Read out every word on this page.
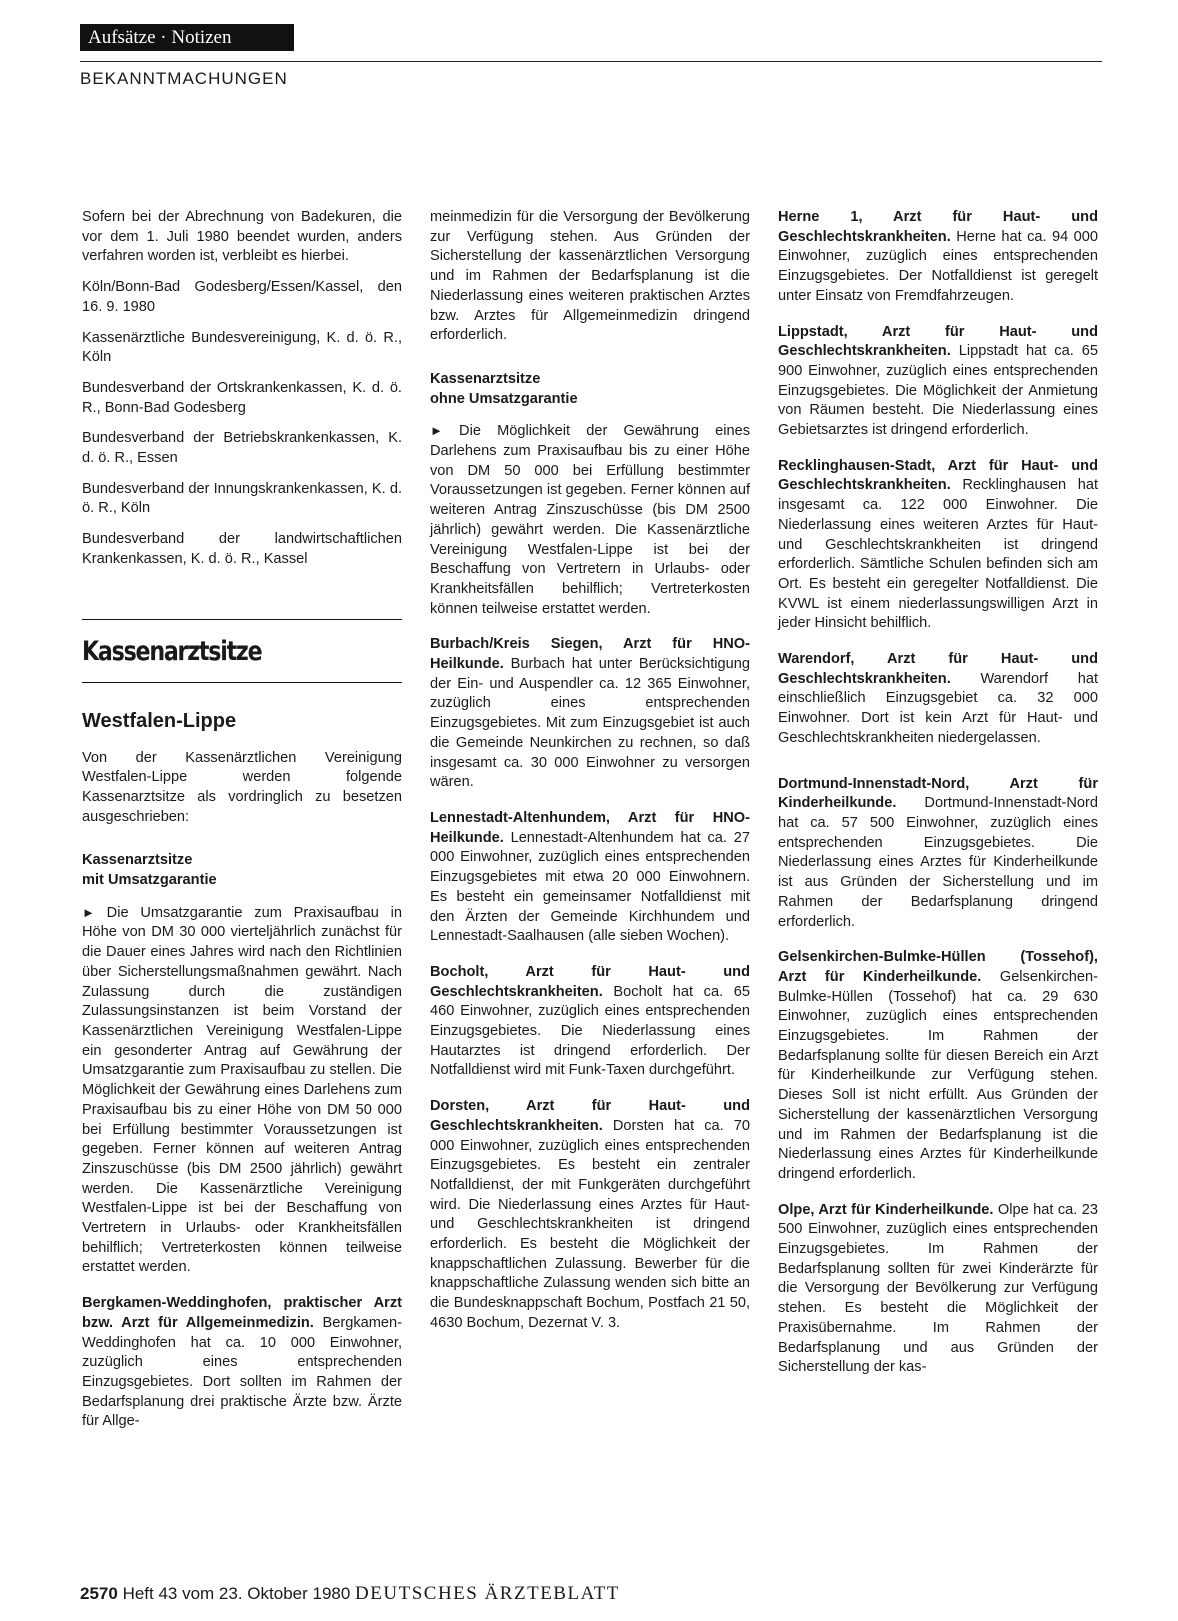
Aufsätze · Notizen
BEKANNTMACHUNGEN

Sofern bei der Abrechnung von Badekuren, die vor dem 1. Juli 1980 beendet wurden, anders verfahren worden ist, verbleibt es hierbei.

Köln/Bonn-Bad Godesberg/Essen/Kassel, den 16. 9. 1980

Kassenärztliche Bundesvereinigung, K. d. ö. R., Köln

Bundesverband der Ortskrankenkassen, K. d. ö. R., Bonn-Bad Godesberg

Bundesverband der Betriebskrankenkassen, K. d. ö. R., Essen

Bundesverband der Innungskrankenkassen, K. d. ö. R., Köln

Bundesverband der landwirtschaftlichen Krankenkassen, K. d. ö. R., Kassel

Kassenarztsitze
Westfalen-Lippe

Von der Kassenärztlichen Vereinigung Westfalen-Lippe werden folgende Kassenarztsitze als vordringlich zu besetzen ausgeschrieben:

Kassenarztsitze
mit Umsatzgarantie

► Die Umsatzgarantie zum Praxisaufbau in Höhe von DM 30 000 vierteljährlich zunächst für die Dauer eines Jahres wird nach den Richtlinien über Sicherstellungsmaßnahmen gewährt. Nach Zulassung durch die zuständigen Zulassungsinstanzen ist beim Vorstand der Kassenärztlichen Vereinigung Westfalen-Lippe ein gesonderter Antrag auf Gewährung der Umsatzgarantie zum Praxisaufbau zu stellen. Die Möglichkeit der Gewährung eines Darlehens zum Praxisaufbau bis zu einer Höhe von DM 50 000 bei Erfüllung bestimmter Voraussetzungen ist gegeben. Ferner können auf weiteren Antrag Zinszuschüsse (bis DM 2500 jährlich) gewährt werden. Die Kassenärztliche Vereinigung Westfalen-Lippe ist bei der Beschaffung von Vertretern in Urlaubs- oder Krankheitsfällen behilflich; Vertreterkosten können teilweise erstattet werden.

Bergkamen-Weddinghofen, praktischer Arzt bzw. Arzt für Allgemeinmedizin. Bergkamen-Weddinghofen hat ca. 10 000 Einwohner, zuzüglich eines entsprechenden Einzugsgebietes. Dort sollten im Rahmen der Bedarfsplanung drei praktische Ärzte bzw. Ärzte für Allge-

meinmedizin für die Versorgung der Bevölkerung zur Verfügung stehen. Aus Gründen der Sicherstellung der kassenärztlichen Versorgung und im Rahmen der Bedarfsplanung ist die Niederlassung eines weiteren praktischen Arztes bzw. Arztes für Allgemeinmedizin dringend erforderlich.

Kassenarztsitze
ohne Umsatzgarantie

► Die Möglichkeit der Gewährung eines Darlehens zum Praxisaufbau bis zu einer Höhe von DM 50 000 bei Erfüllung bestimmter Voraussetzungen ist gegeben. Ferner können auf weiteren Antrag Zinszuschüsse (bis DM 2500 jährlich) gewährt werden. Die Kassenärztliche Vereinigung Westfalen-Lippe ist bei der Beschaffung von Vertretern in Urlaubs- oder Krankheitsfällen behilflich; Vertreterkosten können teilweise erstattet werden.

Burbach/Kreis Siegen, Arzt für HNO-Heilkunde. Burbach hat unter Berücksichtigung der Ein- und Auspendler ca. 12 365 Einwohner, zuzüglich eines entsprechenden Einzugsgebietes. Mit zum Einzugsgebiet ist auch die Gemeinde Neunkirchen zu rechnen, so daß insgesamt ca. 30 000 Einwohner zu versorgen wären.

Lennestadt-Altenhundem, Arzt für HNO-Heilkunde. Lennestadt-Altenhundem hat ca. 27 000 Einwohner, zuzüglich eines entsprechenden Einzugsgebietes mit etwa 20 000 Einwohnern. Es besteht ein gemeinsamer Notfalldienst mit den Ärzten der Gemeinde Kirchhundem und Lennestadt-Saalhausen (alle sieben Wochen).

Bocholt, Arzt für Haut- und Geschlechtskrankheiten. Bocholt hat ca. 65 460 Einwohner, zuzüglich eines entsprechenden Einzugsgebietes. Die Niederlassung eines Hautarztes ist dringend erforderlich. Der Notfalldienst wird mit Funk-Taxen durchgeführt.

Dorsten, Arzt für Haut- und Geschlechtskrankheiten. Dorsten hat ca. 70 000 Einwohner, zuzüglich eines entsprechenden Einzugsgebietes. Es besteht ein zentraler Notfalldienst, der mit Funkgeräten durchgeführt wird. Die Niederlassung eines Arztes für Haut- und Geschlechtskrankheiten ist dringend erforderlich. Es besteht die Möglichkeit der knappschaftlichen Zulassung. Bewerber für die knappschaftliche Zulassung wenden sich bitte an die Bundesknappschaft Bochum, Postfach 21 50, 4630 Bochum, Dezernat V. 3.

Herne 1, Arzt für Haut- und Geschlechtskrankheiten. Herne hat ca. 94 000 Einwohner, zuzüglich eines entsprechenden Einzugsgebietes. Der Notfalldienst ist geregelt unter Einsatz von Fremdfahrzeugen.

Lippstadt, Arzt für Haut- und Geschlechtskrankheiten. Lippstadt hat ca. 65 900 Einwohner, zuzüglich eines entsprechenden Einzugsgebietes. Die Möglichkeit der Anmietung von Räumen besteht. Die Niederlassung eines Gebietsarztes ist dringend erforderlich.

Recklinghausen-Stadt, Arzt für Haut- und Geschlechtskrankheiten. Recklinghausen hat insgesamt ca. 122 000 Einwohner. Die Niederlassung eines weiteren Arztes für Haut- und Geschlechtskrankheiten ist dringend erforderlich. Sämtliche Schulen befinden sich am Ort. Es besteht ein geregelter Notfalldienst. Die KVWL ist einem niederlassungswilligen Arzt in jeder Hinsicht behilflich.

Warendorf, Arzt für Haut- und Geschlechtskrankheiten. Warendorf hat einschließlich Einzugsgebiet ca. 32 000 Einwohner. Dort ist kein Arzt für Haut- und Geschlechtskrankheiten niedergelassen.

Dortmund-Innenstadt-Nord, Arzt für Kinderheilkunde. Dortmund-Innenstadt-Nord hat ca. 57 500 Einwohner, zuzüglich eines entsprechenden Einzugsgebietes. Die Niederlassung eines Arztes für Kinderheilkunde ist aus Gründen der Sicherstellung und im Rahmen der Bedarfsplanung dringend erforderlich.

Gelsenkirchen-Bulmke-Hüllen (Tossehof), Arzt für Kinderheilkunde. Gelsenkirchen-Bulmke-Hüllen (Tossehof) hat ca. 29 630 Einwohner, zuzüglich eines entsprechenden Einzugsgebietes. Im Rahmen der Bedarfsplanung sollte für diesen Bereich ein Arzt für Kinderheilkunde zur Verfügung stehen. Dieses Soll ist nicht erfüllt. Aus Gründen der Sicherstellung der kassenärztlichen Versorgung und im Rahmen der Bedarfsplanung ist die Niederlassung eines Arztes für Kinderheilkunde dringend erforderlich.

Olpe, Arzt für Kinderheilkunde. Olpe hat ca. 23 500 Einwohner, zuzüglich eines entsprechenden Einzugsgebietes. Im Rahmen der Bedarfsplanung sollten für zwei Kinderärzte für die Versorgung der Bevölkerung zur Verfügung stehen. Es besteht die Möglichkeit der Praxisübernahme. Im Rahmen der Bedarfsplanung und aus Gründen der Sicherstellung der kas-

2570 Heft 43 vom 23. Oktober 1980 DEUTSCHES ÄRZTEBLATT
